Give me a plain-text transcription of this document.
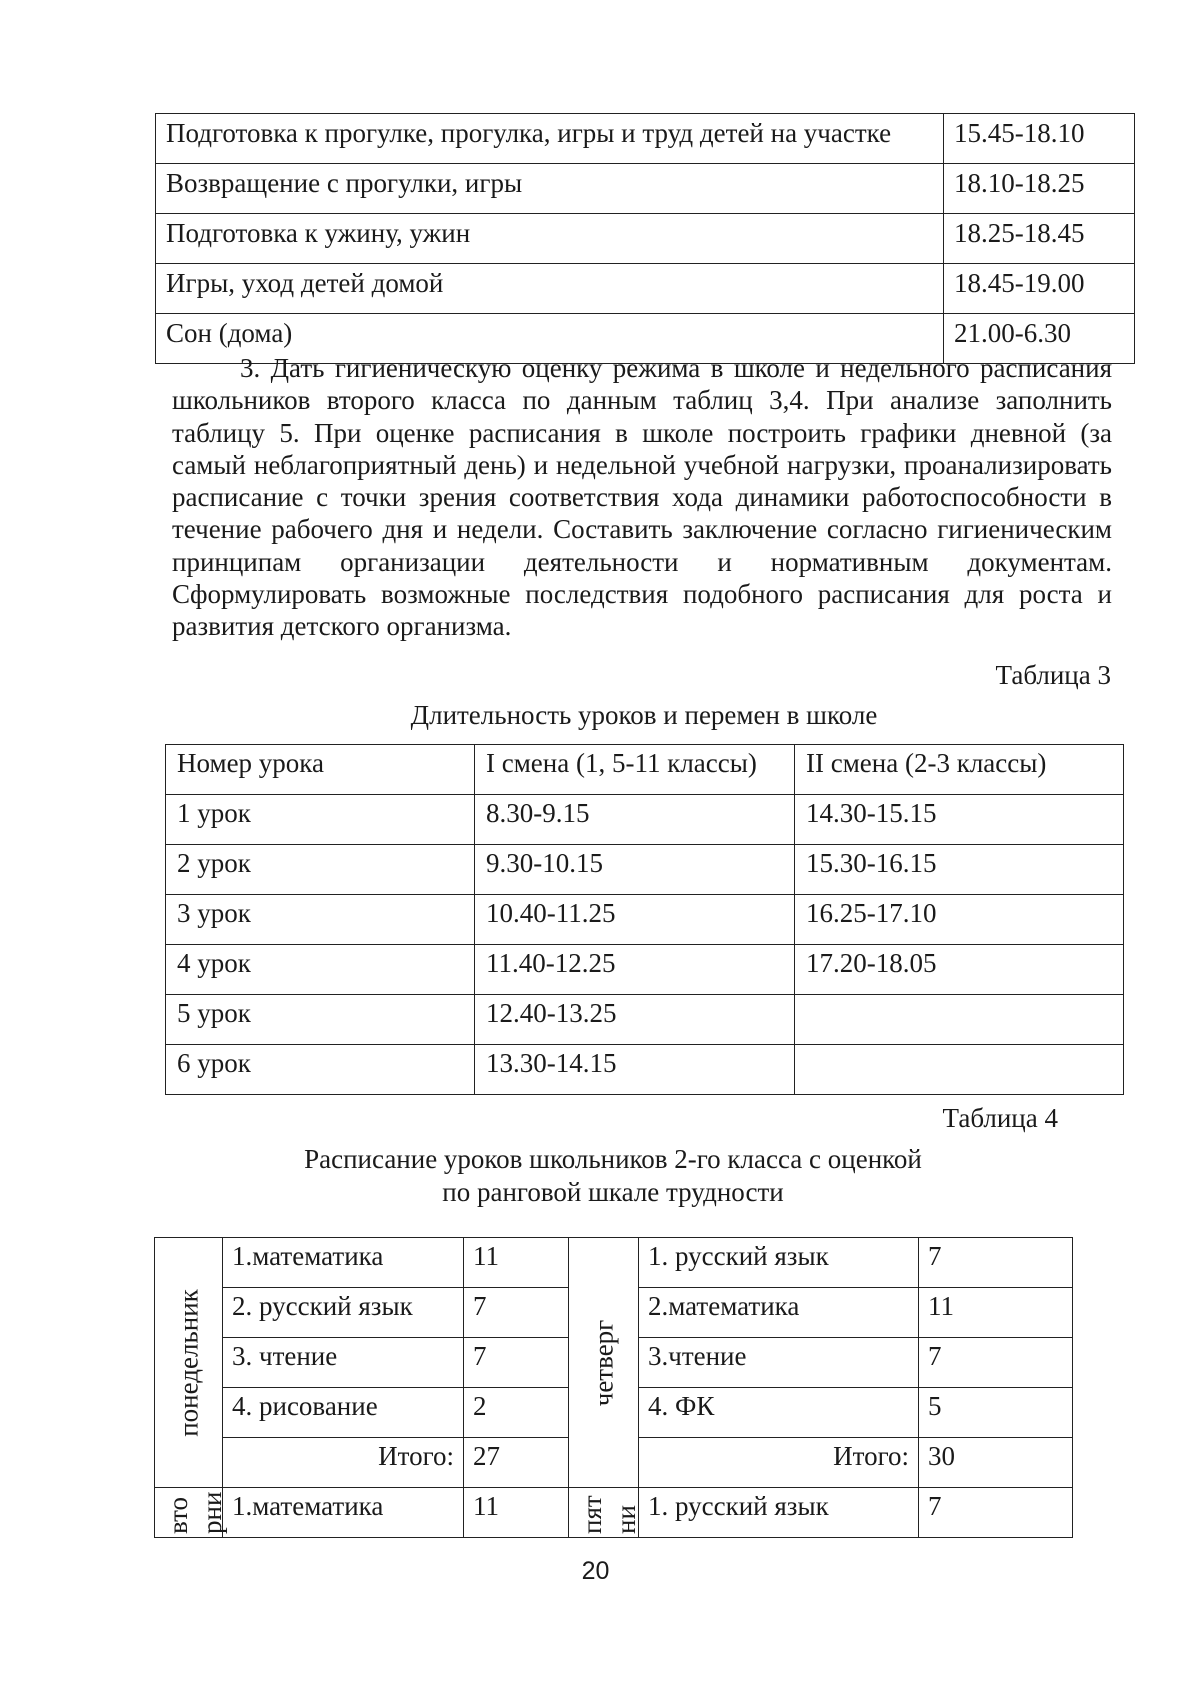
Подготовка к прогулке, прогулка, игры и труд детей на участке	15.45-18.10
Возвращение с прогулки, игры	18.10-18.25
Подготовка к ужину, ужин	18.25-18.45
Игры, уход детей домой	18.45-19.00
Сон (дома)	21.00-6.30
3. Дать гигиеническую оценку режима в школе и недельного расписания школьников второго класса по данным таблиц 3,4. При анализе заполнить таблицу 5. При оценке расписания в школе построить графики дневной (за самый неблагоприятный день) и недельной учебной нагрузки, проанализировать расписание с точки зрения соответствия хода динамики работоспособности в течение рабочего дня и недели. Составить заключение согласно гигиеническим принципам организации деятельности и нормативным документам. Сформулировать возможные последствия подобного расписания для роста и развития детского организма.
Таблица 3
Длительность уроков и перемен в школе
Номер урока	I смена (1, 5-11 классы)	II смена (2-3 классы)
1 урок	8.30-9.15	14.30-15.15
2 урок	9.30-10.15	15.30-16.15
3 урок	10.40-11.25	16.25-17.10
4 урок	11.40-12.25	17.20-18.05
5 урок	12.40-13.25	
6 урок	13.30-14.15	
Таблица 4
Расписание уроков школьников 2-го класса с оценкой
по ранговой шкале трудности
понедельник	1.математика	11	четверг	1. русский язык	7
	2. русский язык	7		2.математика	11
	3. чтение	7		3.чтение	7
	4. рисование	2		4. ФК	5
	Итого:	27		Итого:	30

вто рни	1.математика	11	пят ни	1. русский язык	7
20
